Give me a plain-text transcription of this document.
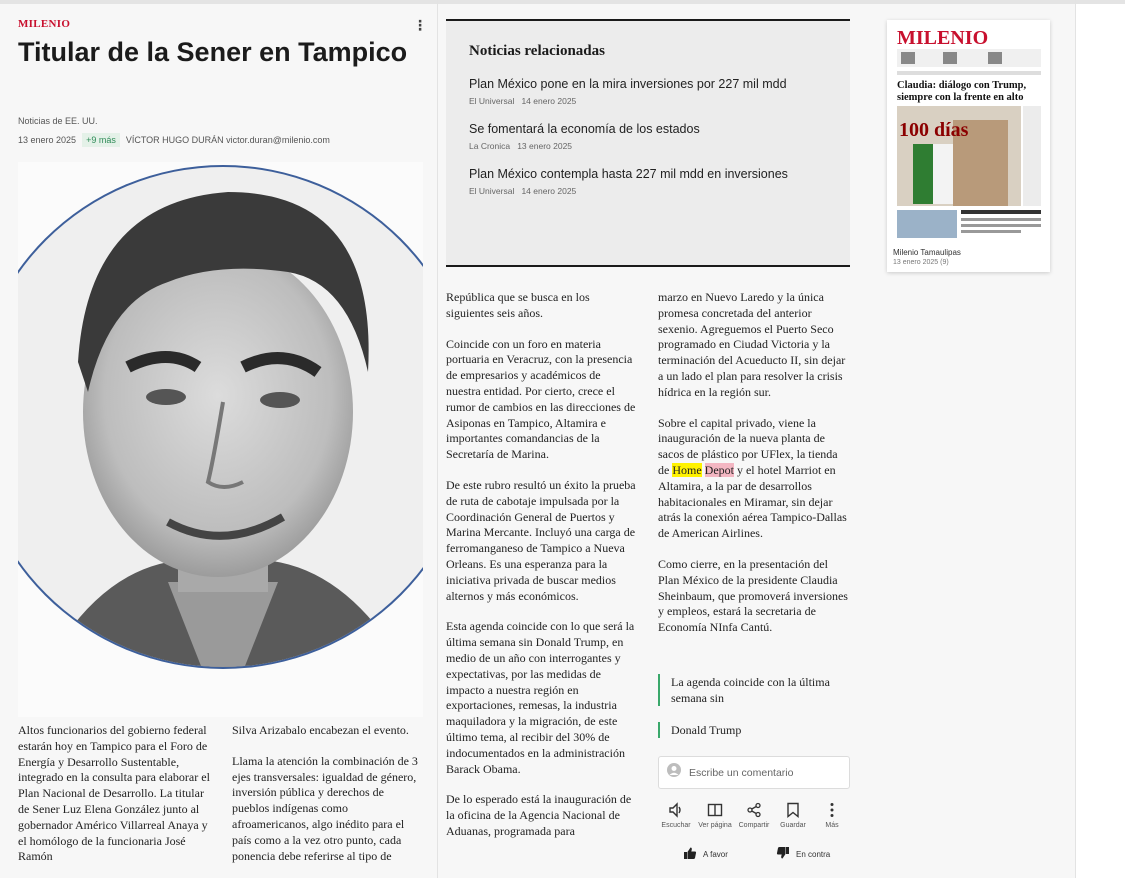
MILENIO	⋮
Titular de la Sener en Tampico
Noticias de EE. UU.
13 enero 2025	+9 más	VÍCTOR HUGO DURÁN victor.duran@milenio.com

Altos funcionarios del gobierno federal estarán hoy en Tampico para el Foro de Energía y Desarrollo Sustentable, integrado en la consulta para elaborar el Plan Nacional de Desarrollo. La titular de Sener Luz Elena González junto al gobernador Américo Villarreal Anaya y el homólogo de la funcionaria José Ramón

Silva Arizabalo encabezan el evento.

Llama la atención la combinación de 3 ejes transversales: igualdad de género, inversión pública y derechos de pueblos indígenas como afroamericanos, algo inédito para el país como a la vez otro punto, cada ponencia debe referirse al tipo de

República que se busca en los siguientes seis años.

Coincide con un foro en materia portuaria en Veracruz, con la presencia de empresarios y académicos de nuestra entidad. Por cierto, crece el rumor de cambios en las direcciones de Asiponas en Tampico, Altamira e importantes comandancias de la Secretaría de Marina.

De este rubro resultó un éxito la prueba de ruta de cabotaje impulsada por la Coordinación General de Puertos y Marina Mercante. Incluyó una carga de ferromanganeso de Tampico a Nueva Orleans. Es una esperanza para la iniciativa privada de buscar medios alternos y más económicos.

Esta agenda coincide con lo que será la última semana sin Donald Trump, en medio de un año con interrogantes y expectativas, por las medidas de impacto a nuestra región en exportaciones, remesas, la industria maquiladora y la migración, de este último tema, al recibir del 30% de indocumentados en la administración Barack Obama.

De lo esperado está la inauguración de la oficina de la Agencia Nacional de Aduanas, programada para

marzo en Nuevo Laredo y la única promesa concretada del anterior sexenio. Agreguemos el Puerto Seco programado en Ciudad Victoria y la terminación del Acueducto II, sin dejar a un lado el plan para resolver la crisis hídrica en la región sur.

Sobre el capital privado, viene la inauguración de la nueva planta de sacos de plástico por UFlex, la tienda de Home Depot y el hotel Marriot en Altamira, a la par de desarrollos habitacionales en Miramar, sin dejar atrás la conexión aérea Tampico-Dallas de American Airlines.

Como cierre, en la presentación del Plan México de la presidente Claudia Sheinbaum, que promoverá inversiones y empleos, estará la secretaria de Economía NInfa Cantú.

La agenda coincide con la última semana sin
Donald Trump
Noticias relacionadas
Plan México pone en la mira inversiones por 227 mil mdd
El Universal 14 enero 2025
Se fomentará la economía de los estados
La Cronica 13 enero 2025
Plan México contempla hasta 227 mil mdd en inversiones
El Universal 14 enero 2025
MILENIO
Claudia: diálogo con Trump,
siempre con la frente en alto
100 días
Milenio Tamaulipas
13 enero 2025 (9)
Escribe un comentario
Escuchar Ver página Compartir Guardar	Más
A favor	En contra
